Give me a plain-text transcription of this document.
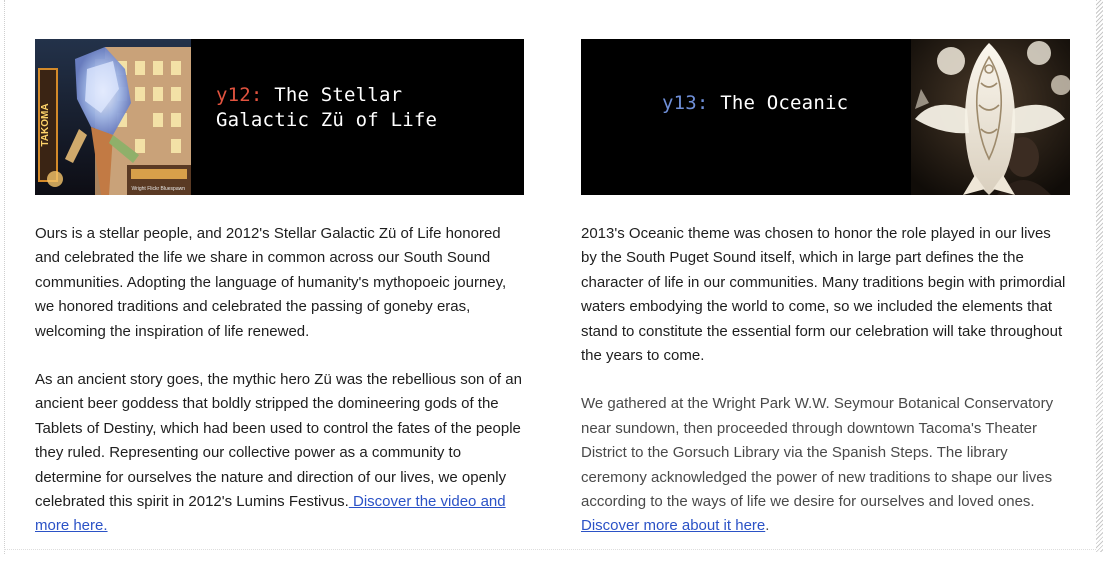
TAKOMA
Wright Flickr Bluespawn
y12: The Stellar
Galactic Zü of Life

Ours is a stellar people, and 2012's Stellar Galactic Zü of Life honored and celebrated the life we share in common across our South Sound communities. Adopting the language of humanity's mythopoeic journey, we honored traditions and celebrated the passing of goneby eras, welcoming the inspiration of life renewed.

As an ancient story goes, the mythic hero Zü was the rebellious son of an ancient beer goddess that boldly stripped the domineering gods of the Tablets of Destiny, which had been used to control the fates of the people they ruled. Representing our collective power as a community to determine for ourselves the nature and direction of our lives, we openly celebrated this spirit in 2012's Lumins Festivus. Discover the video and more here.

y13: The Oceanic

2013's Oceanic theme was chosen to honor the role played in our lives by the South Puget Sound itself, which in large part defines the the character of life in our communities. Many traditions begin with primordial waters embodying the world to come, so we included the elements that stand to constitute the essential form our celebration will take throughout the years to come.

We gathered at the Wright Park W.W. Seymour Botanical Conservatory near sundown, then proceeded through downtown Tacoma's Theater District to the Gorsuch Library via the Spanish Steps. The library ceremony acknowledged the power of new traditions to shape our lives according to the ways of life we desire for ourselves and loved ones.   Discover more about it here.
